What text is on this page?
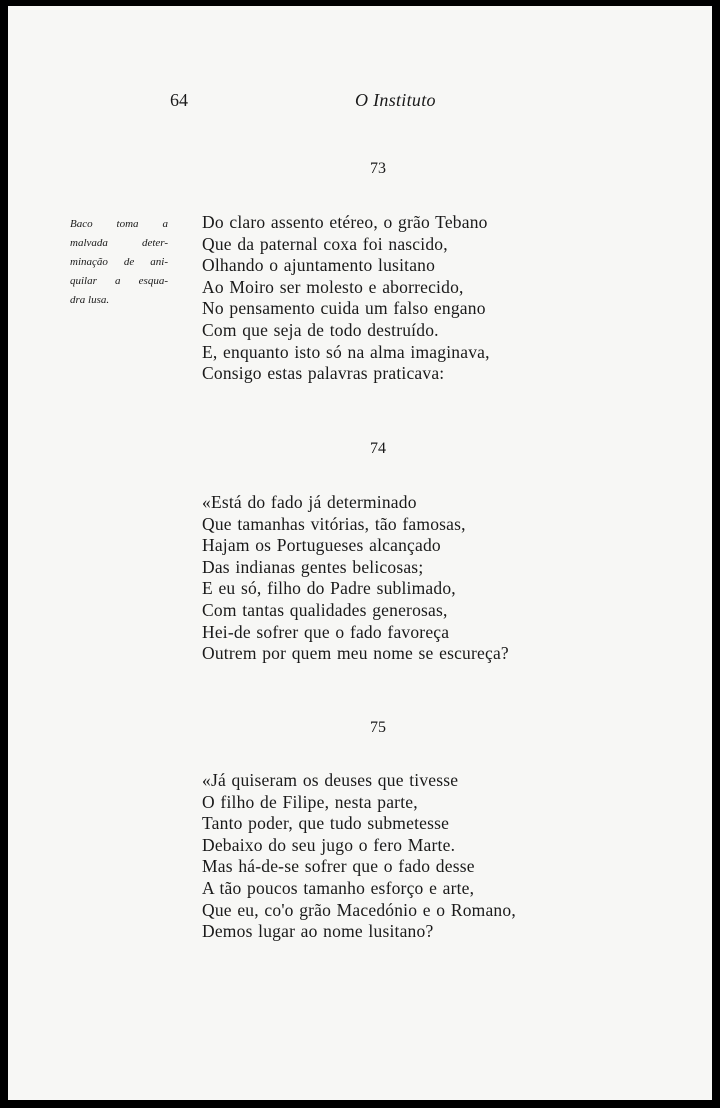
64	O Instituto
Baco toma a
malvada deter-
minação de ani-
quilar a esqua-
dra lusa.
73
Do claro assento etéreo, o grão Tebano
Que da paternal coxa foi nascido,
Olhando o ajuntamento lusitano
Ao Moiro ser molesto e aborrecido,
No pensamento cuida um falso engano
Com que seja de todo destruído.
E, enquanto isto só na alma imaginava,
Consigo estas palavras praticava:
74
«Está do fado já determinado
Que tamanhas vitórias, tão famosas,
Hajam os Portugueses alcançado
Das indianas gentes belicosas;
E eu só, filho do Padre sublimado,
Com tantas qualidades generosas,
Hei-de sofrer que o fado favoreça
Outrem por quem meu nome se escureça?
75
«Já quiseram os deuses que tivesse
O filho de Filipe, nesta parte,
Tanto poder, que tudo submetesse
Debaixo do seu jugo o fero Marte.
Mas há-de-se sofrer que o fado desse
A tão poucos tamanho esforço e arte,
Que eu, co'o grão Macedónio e o Romano,
Demos lugar ao nome lusitano?
